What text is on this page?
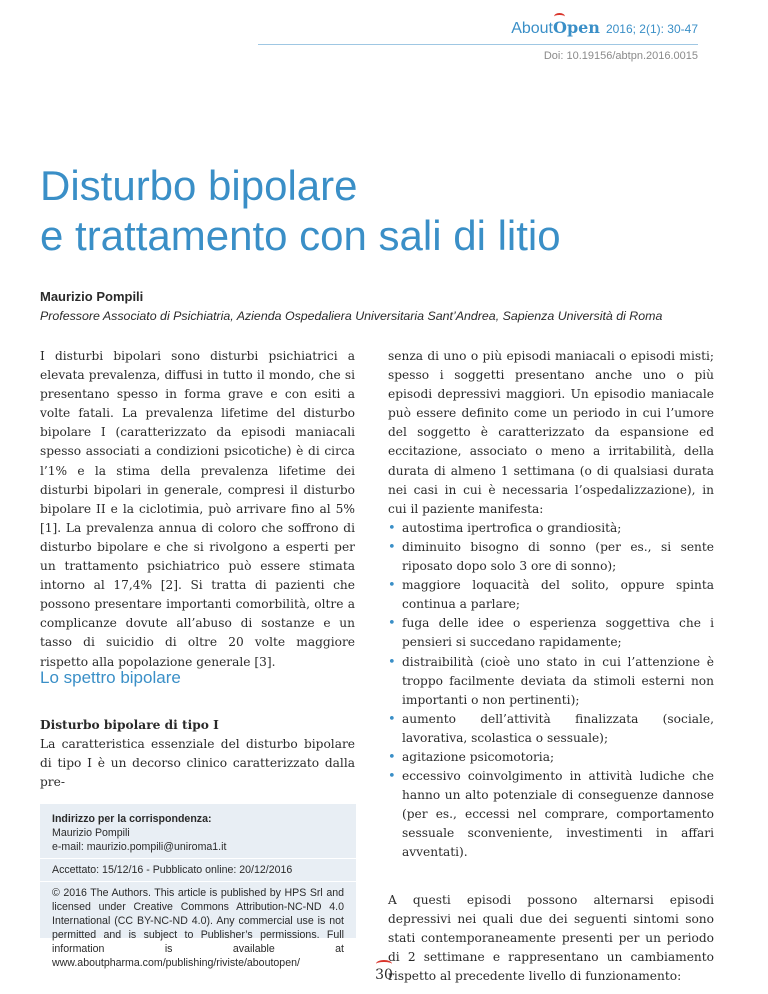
About
Open 2016; 2(1): 30-47
Doi: 10.19156/abtpn.2016.0015
Disturbo bipolare
e trattamento con sali di litio
Maurizio Pompili
Professore Associato di Psichiatria, Azienda Ospedaliera Universitaria Sant’Andrea, Sapienza Università di Roma

I disturbi bipolari sono disturbi psichiatrici a elevata prevalenza, diffusi in tutto il mondo, che si presentano spesso in forma grave e con esiti a volte fatali. La prevalenza lifetime del disturbo bipolare I (caratterizzato da episodi maniacali spesso associati a condizioni psicotiche) è di circa l’1% e la stima della prevalenza lifetime dei disturbi bipolari in generale, compresi il disturbo bipolare II e la ciclotimia, può arrivare fino al 5% [1]. La prevalenza annua di coloro che soffrono di disturbo bipolare e che si rivolgono a esperti per un trattamento psichiatrico può essere stimata intorno al 17,4% [2]. Si tratta di pazienti che possono presentare importanti comorbilità, oltre a complicanze dovute all’abuso di sostanze e un tasso di suicidio di oltre 20 volte maggiore rispetto alla popolazione generale [3].

Lo spettro bipolare
Disturbo bipolare di tipo I

La caratteristica essenziale del disturbo bipolare di tipo I è un decorso clinico caratterizzato dalla pre-

Indirizzo per la corrispondenza:
Maurizio Pompili
e-mail: maurizio.pompili@uniroma1.it
Accettato: 15/12/16 - Pubblicato online: 20/12/2016
© 2016 The Authors. This article is published by HPS Srl and licensed under Creative Commons Attribution-NC-ND 4.0 International (CC BY-NC-ND 4.0). Any commercial use is not permitted and is subject to Publisher’s permissions. Full information is available at www.aboutpharma.com/publishing/riviste/aboutopen/

senza di uno o più episodi maniacali o episodi misti; spesso i soggetti presentano anche uno o più episodi depressivi maggiori. Un episodio maniacale può essere definito come un periodo in cui l’umore del soggetto è caratterizzato da espansione ed eccitazione, associato o meno a irritabilità, della durata di almeno 1 settimana (o di qualsiasi durata nei casi in cui è necessaria l’ospedalizzazione), in cui il paziente manifesta:

• autostima ipertrofica o grandiosità;
• diminuito bisogno di sonno (per es., si sente riposato dopo solo 3 ore di sonno);
• maggiore loquacità del solito, oppure spinta continua a parlare;
• fuga delle idee o esperienza soggettiva che i pensieri si succedano rapidamente;
• distraibilità (cioè uno stato in cui l’attenzione è troppo facilmente deviata da stimoli esterni non importanti o non pertinenti);
• aumento dell’attività finalizzata (sociale, lavorativa, scolastica o sessuale);
• agitazione psicomotoria;
• eccessivo coinvolgimento in attività ludiche che hanno un alto potenziale di conseguenze dannose (per es., eccessi nel comprare, comportamento sessuale sconveniente, investimenti in affari avventati).

A questi episodi possono alternarsi episodi depressivi nei quali due dei seguenti sintomi sono stati contemporaneamente presenti per un periodo di 2 settimane e rappresentano un cambiamento rispetto al precedente livello di funzionamento:

30
